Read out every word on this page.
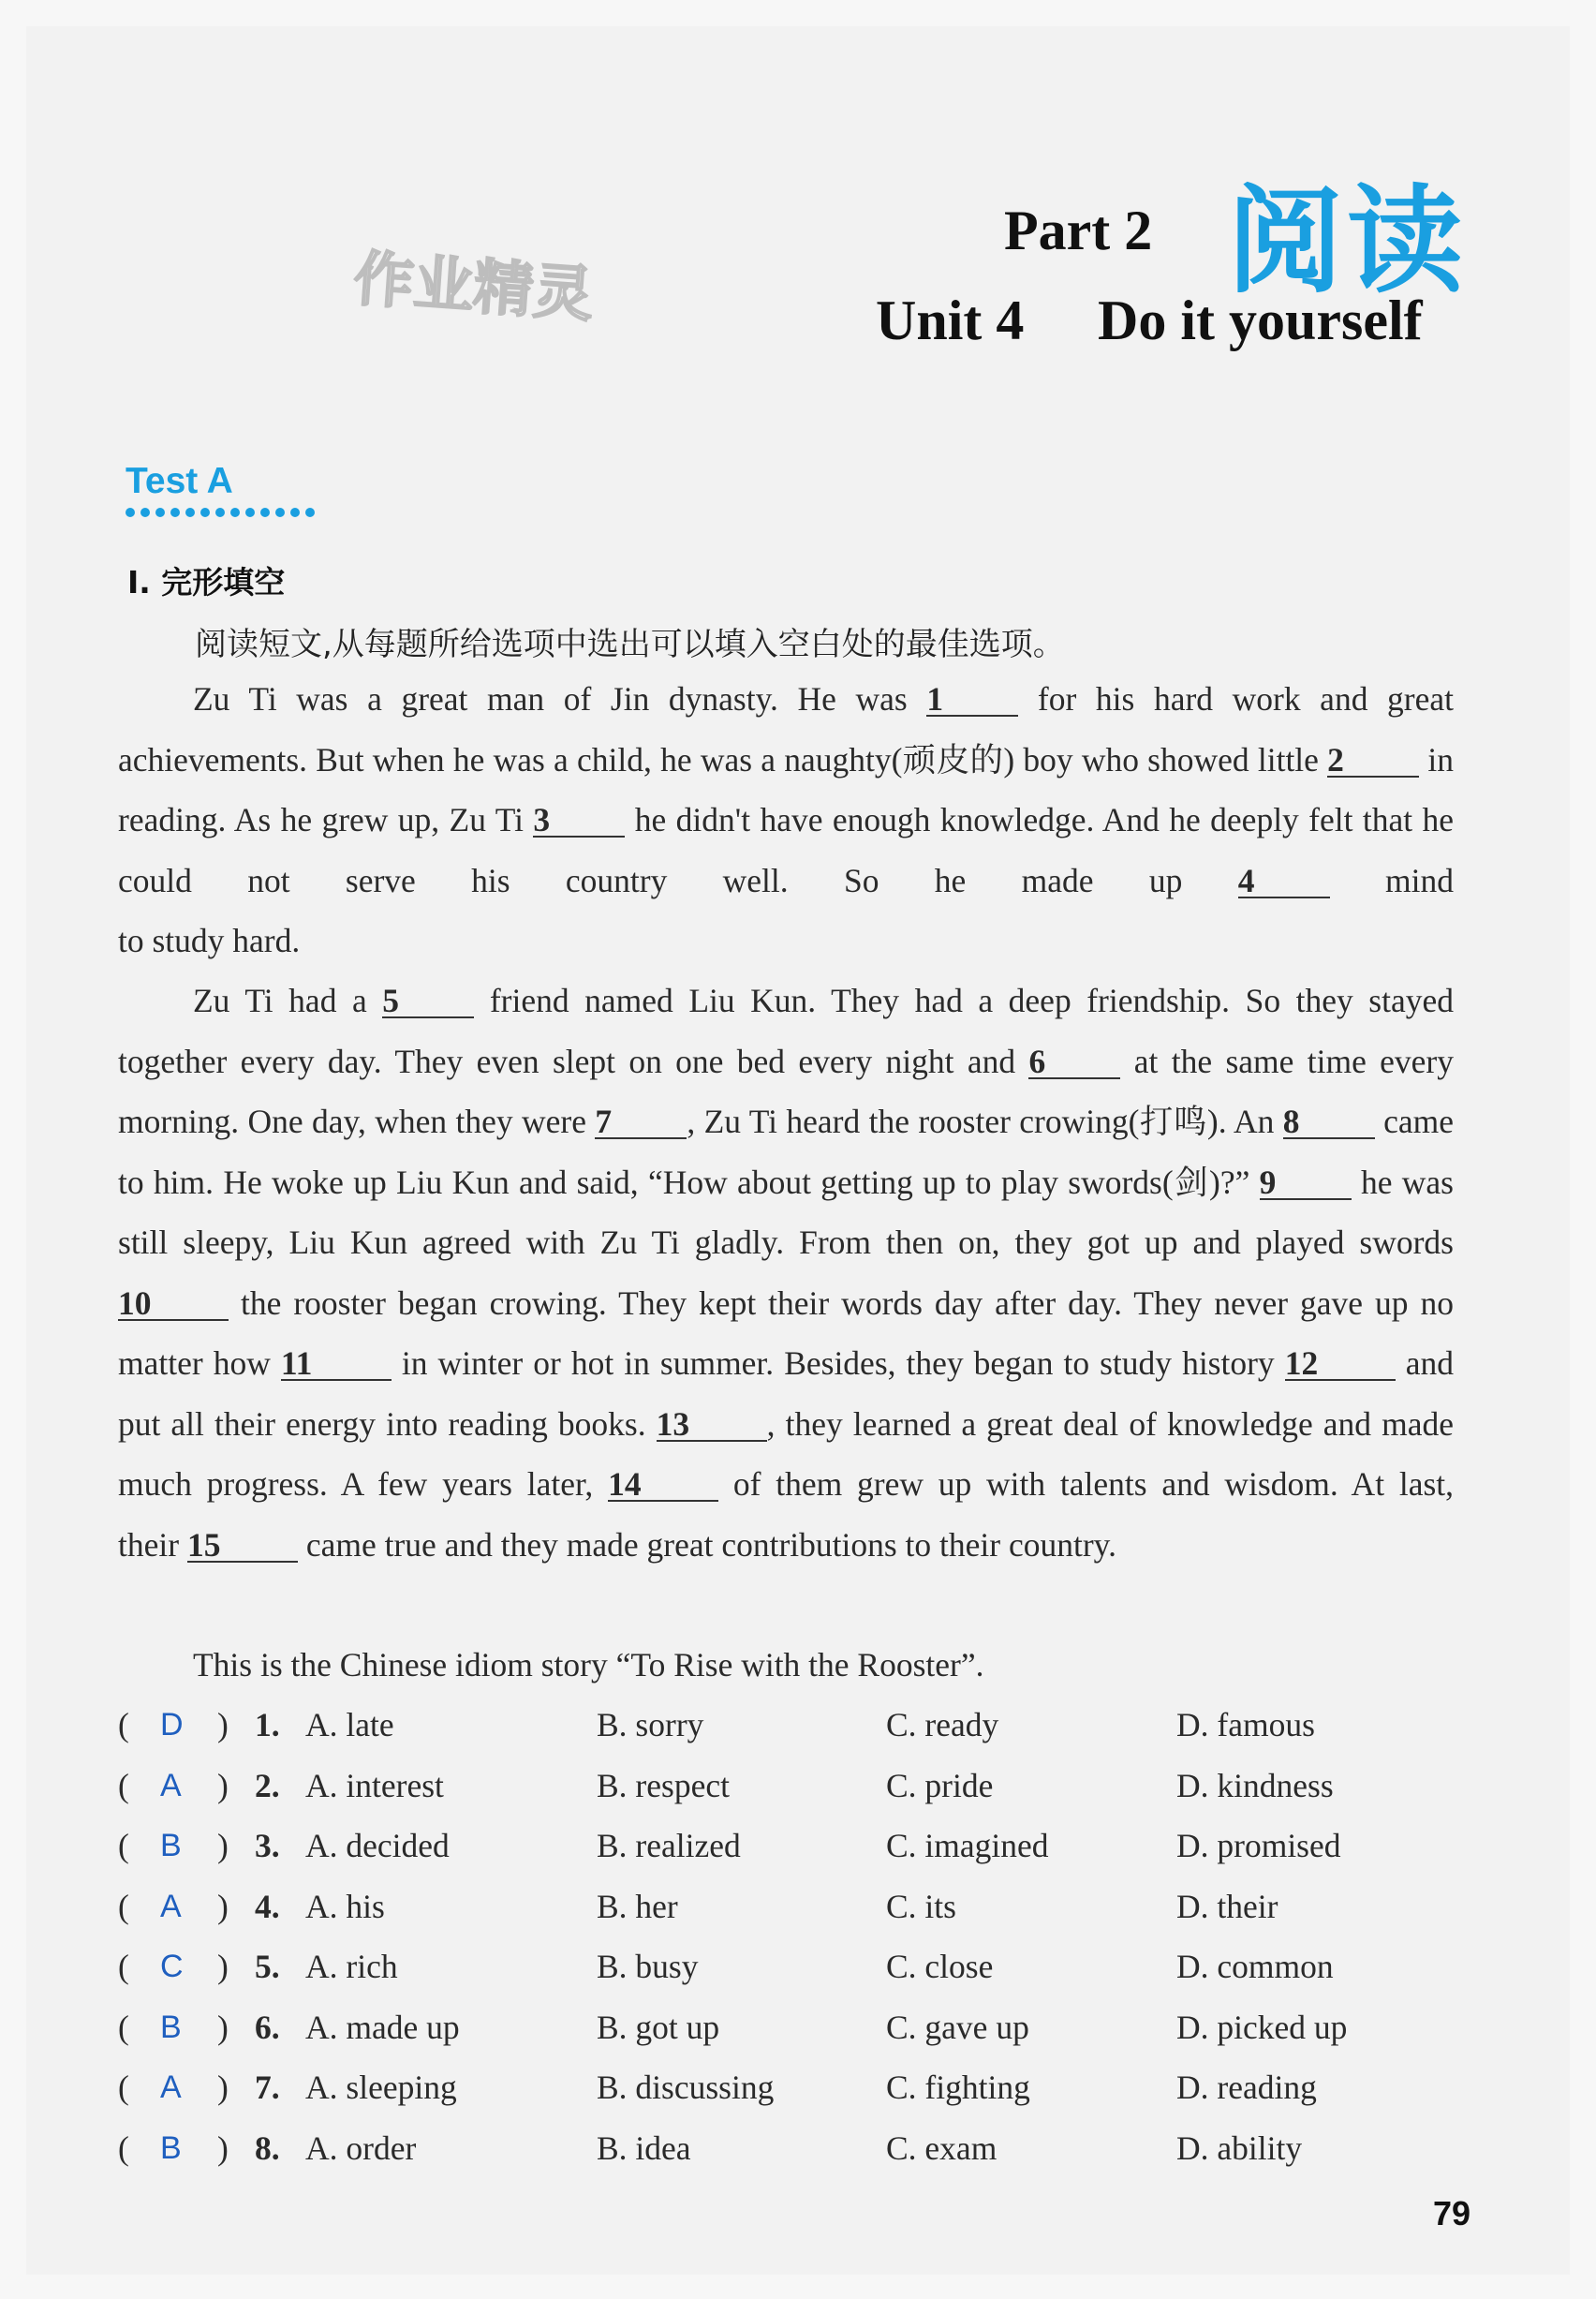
作业精灵
Part 2 阅读
Unit 4 Do it yourself
Test A
Ⅰ. 完形填空
阅读短文,从每题所给选项中选出可以填入空白处的最佳选项。
Zu Ti was a great man of Jin dynasty. He was 1 for his hard work and great achievements. But when he was a child, he was a naughty(顽皮的) boy who showed little 2 in reading. As he grew up, Zu Ti 3 he didn't have enough knowledge. And he deeply felt that he could not serve his country well. So he made up 4 mind
to study hard.
Zu Ti had a 5 friend named Liu Kun. They had a deep friendship. So they stayed together every day. They even slept on one bed every night and 6 at the same time every morning. One day, when they were 7 , Zu Ti heard the rooster crowing(打鸣). An 8 came to him. He woke up Liu Kun and said, “How about getting up to play swords(剑)?” 9 he was still sleepy, Liu Kun agreed with Zu Ti gladly. From then on, they got up and played swords 10 the rooster began crowing. They kept their words day after day. They never gave up no matter how 11 in winter or hot in summer. Besides, they began to study history 12 and put all their energy into reading books. 13 , they learned a great deal of knowledge and made much progress. A few years later, 14 of them grew up with talents and wisdom. At last,
their 15 came true and they made great contributions to their country.
This is the Chinese idiom story “To Rise with the Rooster”.
( D ) 1. A. late	B. sorry	C. ready	D. famous
( A ) 2. A. interest	B. respect	C. pride	D. kindness
( B ) 3. A. decided	B. realized	C. imagined	D. promised
( A ) 4. A. his	B. her	C. its	D. their
( C ) 5. A. rich	B. busy	C. close	D. common
( B ) 6. A. made up	B. got up	C. gave up	D. picked up
( A ) 7. A. sleeping	B. discussing	C. fighting	D. reading
( B ) 8. A. order	B. idea	C. exam	D. ability
79
